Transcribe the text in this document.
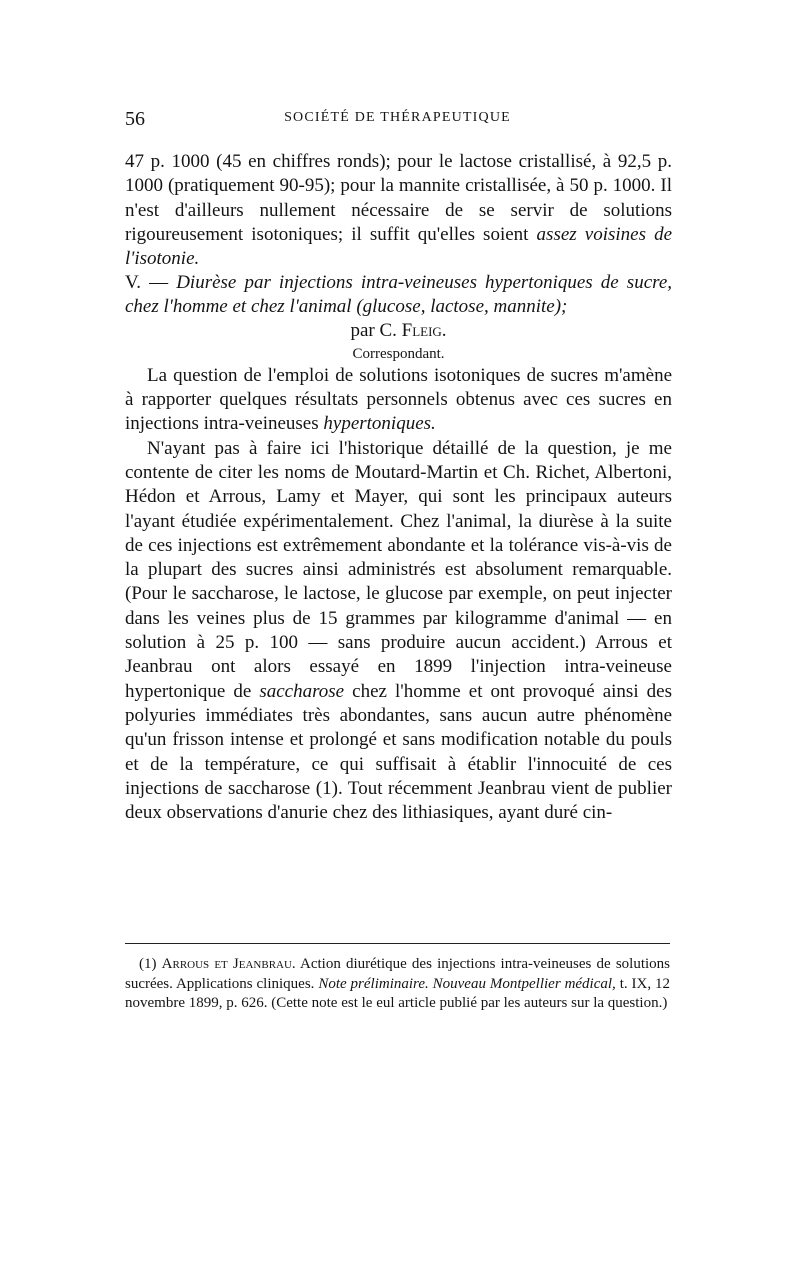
56	SOCIÉTÉ DE THÉRAPEUTIQUE

47 p. 1000 (45 en chiffres ronds); pour le lactose cristallisé, à 92,5 p. 1000 (pratiquement 90-95); pour la mannite cristallisée, à 50 p. 1000. Il n'est d'ailleurs nullement nécessaire de se servir de solutions rigoureusement isotoniques; il suffit qu'elles soient assez voisines de l'isotonie.

V. — Diurèse par injections intra-veineuses hypertoniques de sucre, chez l'homme et chez l'animal (glucose, lactose, mannite);

par C. Fleig.

Correspondant.

La question de l'emploi de solutions isotoniques de sucres m'amène à rapporter quelques résultats personnels obtenus avec ces sucres en injections intra-veineuses hypertoniques.

N'ayant pas à faire ici l'historique détaillé de la question, je me contente de citer les noms de Moutard-Martin et Ch. Richet, Albertoni, Hédon et Arrous, Lamy et Mayer, qui sont les principaux auteurs l'ayant étudiée expérimentalement. Chez l'animal, la diurèse à la suite de ces injections est extrêmement abondante et la tolérance vis-à-vis de la plupart des sucres ainsi administrés est absolument remarquable. (Pour le saccharose, le lactose, le glucose par exemple, on peut injecter dans les veines plus de 15 grammes par kilogramme d'animal — en solution à 25 p. 100 — sans produire aucun accident.) Arrous et Jeanbrau ont alors essayé en 1899 l'injection intra-veineuse hypertonique de saccharose chez l'homme et ont provoqué ainsi des polyuries immédiates très abondantes, sans aucun autre phénomène qu'un frisson intense et prolongé et sans modification notable du pouls et de la température, ce qui suffisait à établir l'innocuité de ces injections de saccharose (1). Tout récemment Jeanbrau vient de publier deux observations d'anurie chez des lithiasiques, ayant duré cin-

(1) Arrous et Jeanbrau. Action diurétique des injections intra-veineuses de solutions sucrées. Applications cliniques. Note préliminaire. Nouveau Montpellier médical, t. IX, 12 novembre 1899, p. 626. (Cette note est le eul article publié par les auteurs sur la question.)
